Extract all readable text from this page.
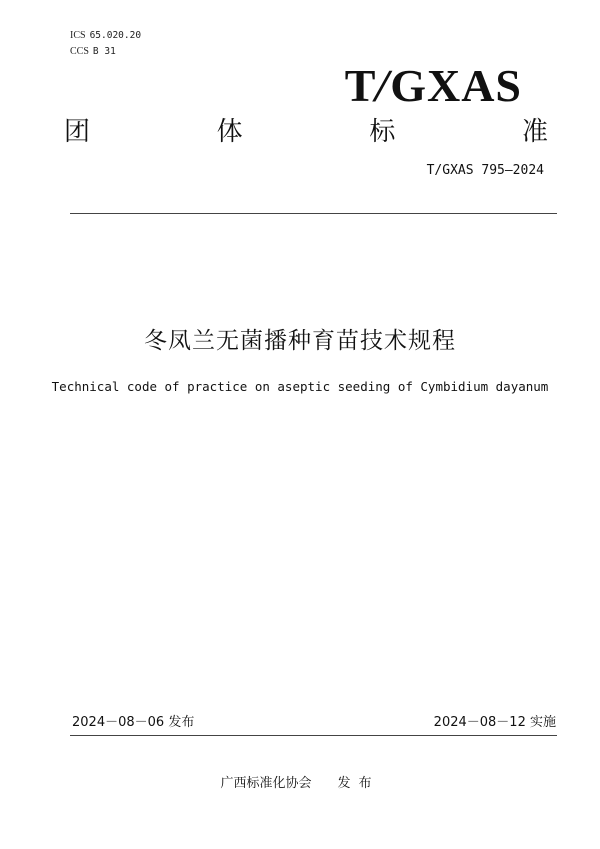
ICS 65.020.20
CCS B 31
T/GXAS
团	体	标	准
T/GXAS 795—2024
冬凤兰无菌播种育苗技术规程
Technical code of practice on aseptic seeding of Cymbidium dayanum
2024－08－06 发布	2024－08－12 实施
广西标准化协会 发布
